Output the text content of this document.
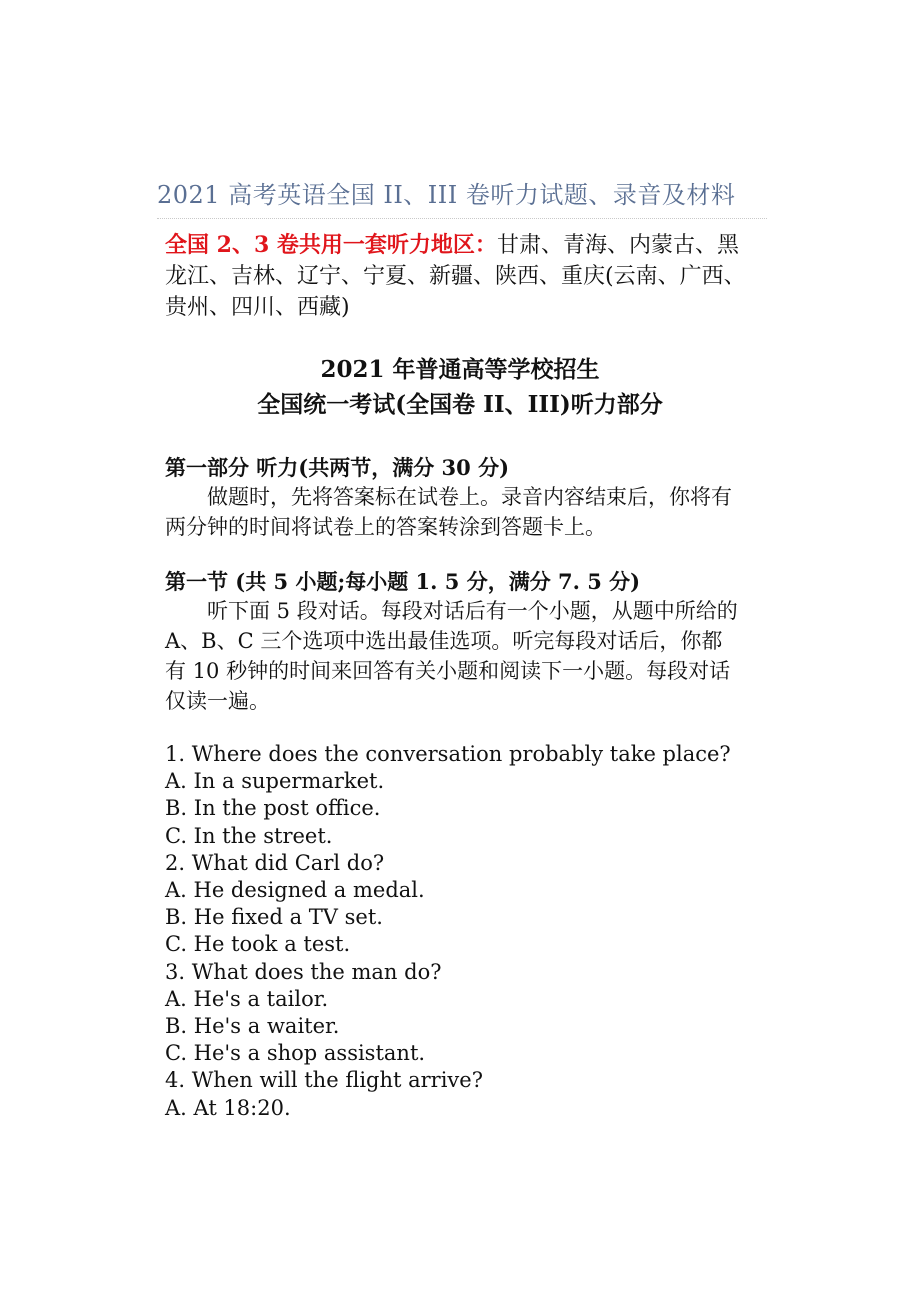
2021 高考英语全国 II、III 卷听力试题、录音及材料
全国 2、3 卷共用一套听力地区：甘肃、青海、内蒙古、黑龙江、吉林、辽宁、宁夏、新疆、陕西、重庆(云南、广西、贵州、四川、西藏)
2021 年普通高等学校招生
全国统一考试(全国卷 II、III)听力部分
第一部分 听力(共两节，满分 30 分)
做题时，先将答案标在试卷上。录音内容结束后，你将有两分钟的时间将试卷上的答案转涂到答题卡上。
第一节 (共 5 小题;每小题 1. 5 分，满分 7. 5 分)
听下面 5 段对话。每段对话后有一个小题，从题中所给的 A、B、C 三个选项中选出最佳选项。听完每段对话后，你都有 10 秒钟的时间来回答有关小题和阅读下一小题。每段对话仅读一遍。
1. Where does the conversation probably take place?
A. In a supermarket.
B. In the post office.
C. In the street.
2. What did Carl do?
A. He designed a medal.
B. He fixed a TV set.
C. He took a test.
3. What does the man do?
A. He's a tailor.
B. He's a waiter.
C. He's a shop assistant.
4. When will the flight arrive?
A. At 18:20.
